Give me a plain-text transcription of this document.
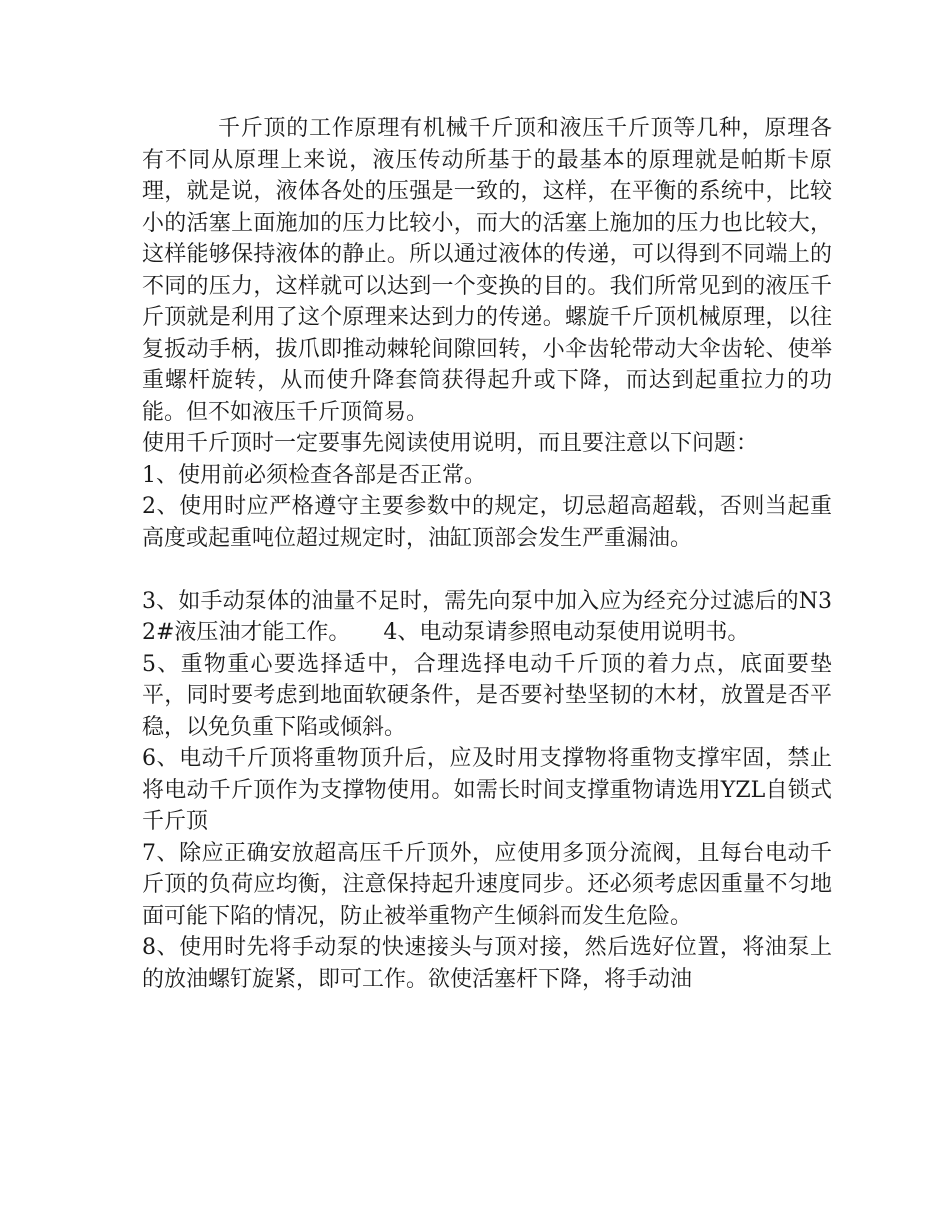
千斤顶的工作原理有机械千斤顶和液压千斤顶等几种，原理各有不同从原理上来说，液压传动所基于的最基本的原理就是帕斯卡原理，就是说，液体各处的压强是一致的，这样，在平衡的系统中，比较小的活塞上面施加的压力比较小，而大的活塞上施加的压力也比较大，这样能够保持液体的静止。所以通过液体的传递，可以得到不同端上的不同的压力，这样就可以达到一个变换的目的。我们所常见到的液压千斤顶就是利用了这个原理来达到力的传递。螺旋千斤顶机械原理，以往复扳动手柄，拔爪即推动棘轮间隙回转，小伞齿轮带动大伞齿轮、使举重螺杆旋转，从而使升降套筒获得起升或下降，而达到起重拉力的功能。但不如液压千斤顶简易。

使用千斤顶时一定要事先阅读使用说明，而且要注意以下问题：

1、使用前必须检查各部是否正常。

2、使用时应严格遵守主要参数中的规定，切忌超高超载，否则当起重高度或起重吨位超过规定时，油缸顶部会发生严重漏油。

3、如手动泵体的油量不足时，需先向泵中加入应为经充分过滤后的N32#液压油才能工作。　　4、电动泵请参照电动泵使用说明书。

5、重物重心要选择适中，合理选择电动千斤顶的着力点，底面要垫平，同时要考虑到地面软硬条件，是否要衬垫坚韧的木材，放置是否平稳，以免负重下陷或倾斜。

6、电动千斤顶将重物顶升后，应及时用支撑物将重物支撑牢固，禁止将电动千斤顶作为支撑物使用。如需长时间支撑重物请选用YZL自锁式千斤顶

7、除应正确安放超高压千斤顶外，应使用多顶分流阀，且每台电动千斤顶的负荷应均衡，注意保持起升速度同步。还必须考虑因重量不匀地面可能下陷的情况，防止被举重物产生倾斜而发生危险。

8、使用时先将手动泵的快速接头与顶对接，然后选好位置，将油泵上的放油螺钉旋紧，即可工作。欲使活塞杆下降，将手动油
